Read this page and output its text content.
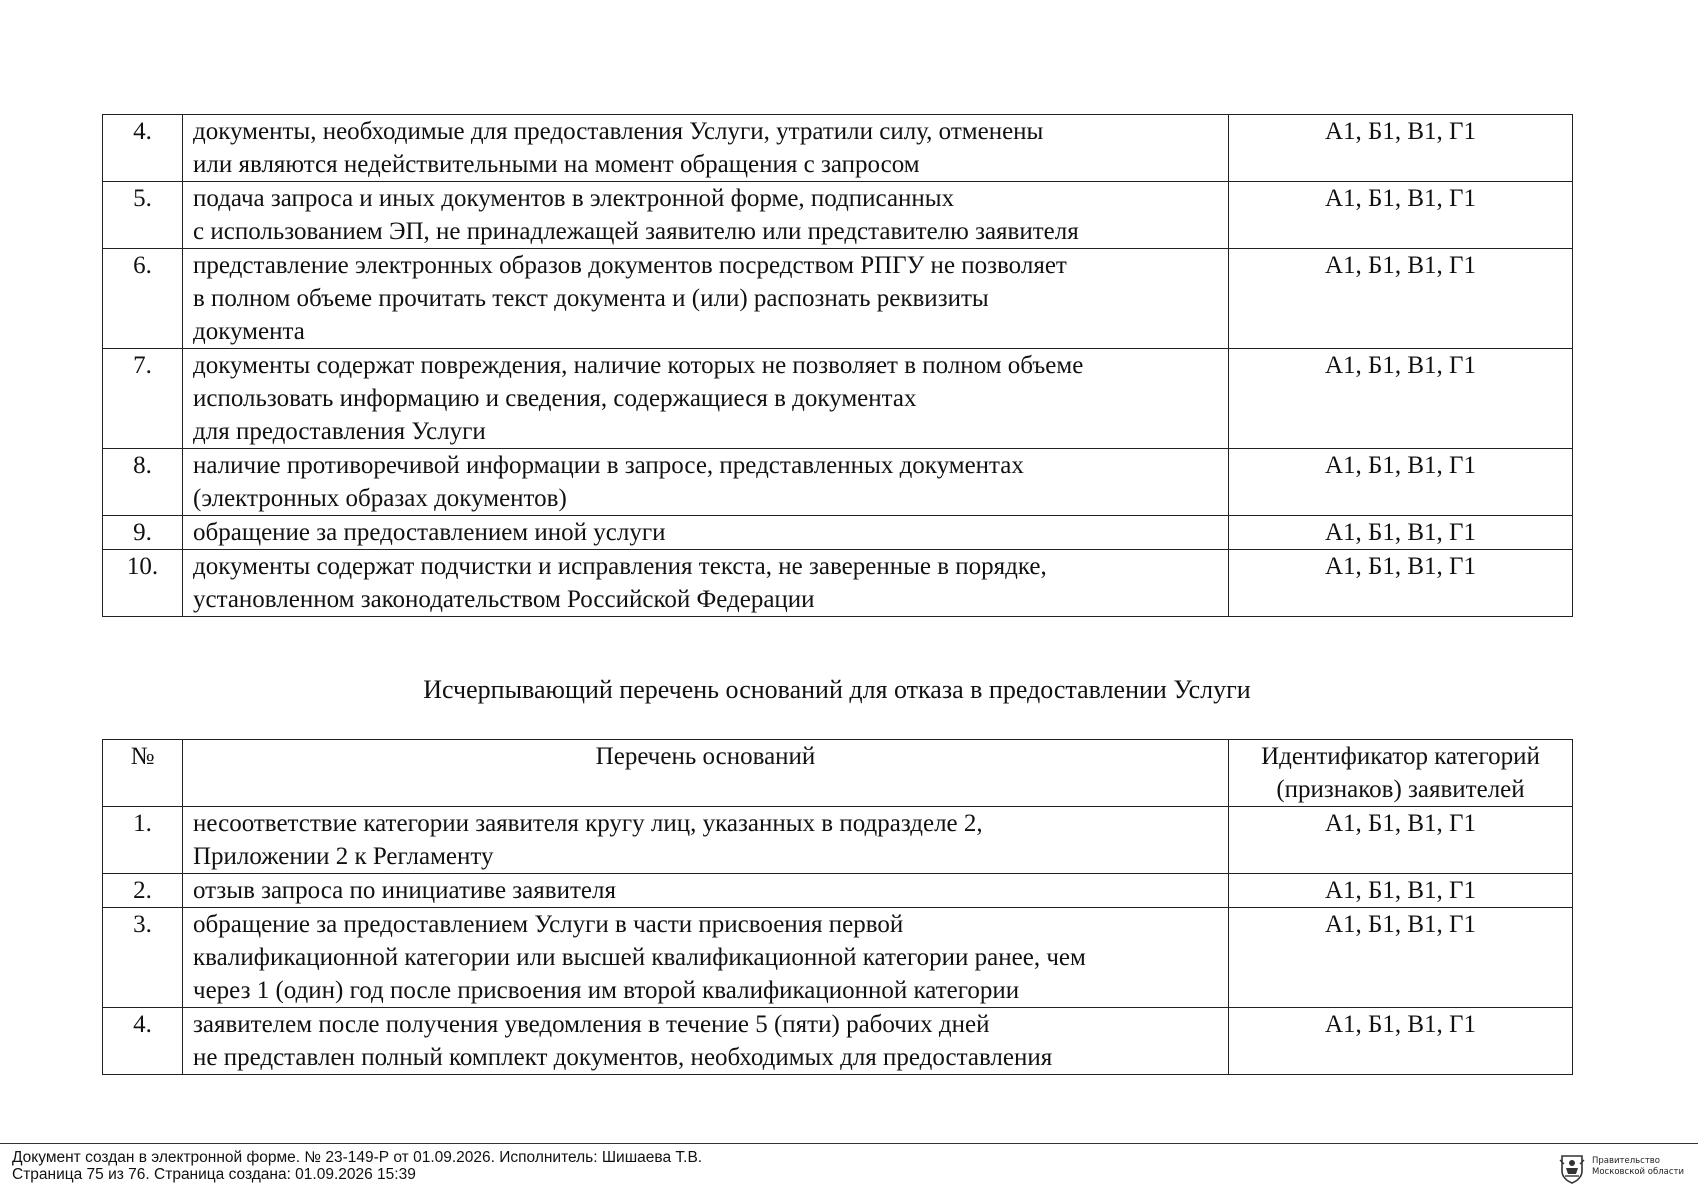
4.	документы, необходимые для предоставления Услуги, утратили силу, отменены
или являются недействительными на момент обращения с запросом	А1, Б1, В1, Г1
5.	подача запроса и иных документов в электронной форме, подписанных
с использованием ЭП, не принадлежащей заявителю или представителю заявителя	А1, Б1, В1, Г1
6.	представление электронных образов документов посредством РПГУ не позволяет
в полном объеме прочитать текст документа и (или) распознать реквизиты
документа	А1, Б1, В1, Г1
7.	документы содержат повреждения, наличие которых не позволяет в полном объеме
использовать информацию и сведения, содержащиеся в документах
для предоставления Услуги	А1, Б1, В1, Г1
8.	наличие противоречивой информации в запросе, представленных документах
(электронных образах документов)	А1, Б1, В1, Г1
9.	обращение за предоставлением иной услуги	А1, Б1, В1, Г1
10.	документы содержат подчистки и исправления текста, не заверенные в порядке,
установленном законодательством Российской Федерации	А1, Б1, В1, Г1
Исчерпывающий перечень оснований для отказа в предоставлении Услуги
№	Перечень оснований	Идентификатор категорий
(признаков) заявителей

1.	несоответствие категории заявителя кругу лиц, указанных в подразделе 2,
Приложении 2 к Регламенту	А1, Б1, В1, Г1
2.	отзыв запроса по инициативе заявителя	А1, Б1, В1, Г1
3.	обращение за предоставлением Услуги в части присвоения первой
квалификационной категории или высшей квалификационной категории ранее, чем
через 1 (один) год после присвоения им второй квалификационной категории	А1, Б1, В1, Г1
4.	заявителем после получения уведомления в течение 5 (пяти) рабочих дней
не представлен полный комплект документов, необходимых для предоставления	А1, Б1, В1, Г1
Документ создан в электронной форме. № 23-149-Р от 01.09.2026. Исполнитель: Шишаева Т.В.
Страница 75 из 76. Страница создана: 01.09.2026 15:39
Правительство
Московской области
